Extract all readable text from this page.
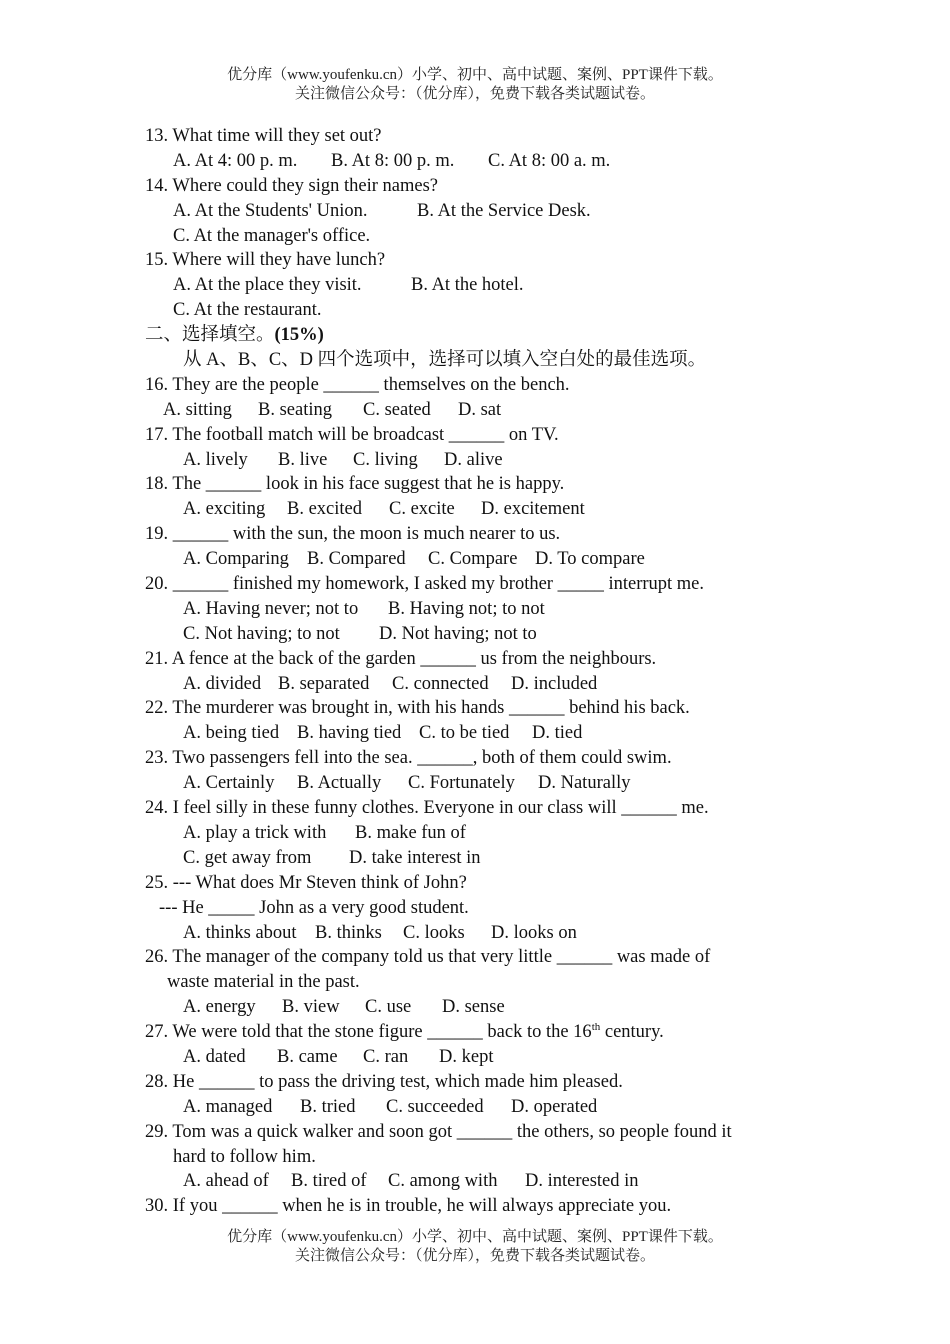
优分库（www.youfenku.cn）小学、初中、高中试题、案例、PPT课件下载。
关注微信公众号：（优分库），免费下载各类试题试卷。
13. What time will they set out?
A. At 4: 00 p. m. B. At 8: 00 p. m. C. At 8: 00 a. m.
14. Where could they sign their names?
A. At the Students' Union.	B. At the Service Desk.
C. At the manager's office.
15. Where will they have lunch?
A. At the place they visit.	B. At the hotel.
C. At the restaurant.
二、选择填空。(15%)
从 A、B、C、D 四个选项中，选择可以填入空白处的最佳选项。
16. They are the people ______ themselves on the bench.
A. sitting B. seating C. seated D. sat
17. The football match will be broadcast ______ on TV.
A. lively B. live C. living D. alive
18. The ______ look in his face suggest that he is happy.
A. exciting B. excited C. excite D. excitement
19. ______ with the sun, the moon is much nearer to us.
A. Comparing B. Compared C. Compare D. To compare
20. ______ finished my homework, I asked my brother _____ interrupt me.
A. Having never; not to B. Having not; to not
C. Not having; to not D. Not having; not to
21. A fence at the back of the garden ______ us from the neighbours.
A. divided B. separated C. connected D. included
22. The murderer was brought in, with his hands ______ behind his back.
A. being tied B. having tied C. to be tied D. tied
23. Two passengers fell into the sea. ______, both of them could swim.
A. Certainly B. Actually C. Fortunately D. Naturally
24. I feel silly in these funny clothes. Everyone in our class will ______ me.
A. play a trick with B. make fun of
C. get away from D. take interest in
25. --- What does Mr Steven think of John?
--- He _____ John as a very good student.
A. thinks about B. thinks C. looks D. looks on
26. The manager of the company told us that very little ______ was made of
waste material in the past.
A. energy B. view C. use D. sense
27. We were told that the stone figure ______ back to the 16th century.
A. dated B. came C. ran D. kept
28. He ______ to pass the driving test, which made him pleased.
A. managed B. tried C. succeeded D. operated
29. Tom was a quick walker and soon got ______ the others, so people found it
hard to follow him.
A. ahead of B. tired of C. among with D. interested in
30. If you ______ when he is in trouble, he will always appreciate you.
优分库（www.youfenku.cn）小学、初中、高中试题、案例、PPT课件下载。
关注微信公众号：（优分库），免费下载各类试题试卷。
